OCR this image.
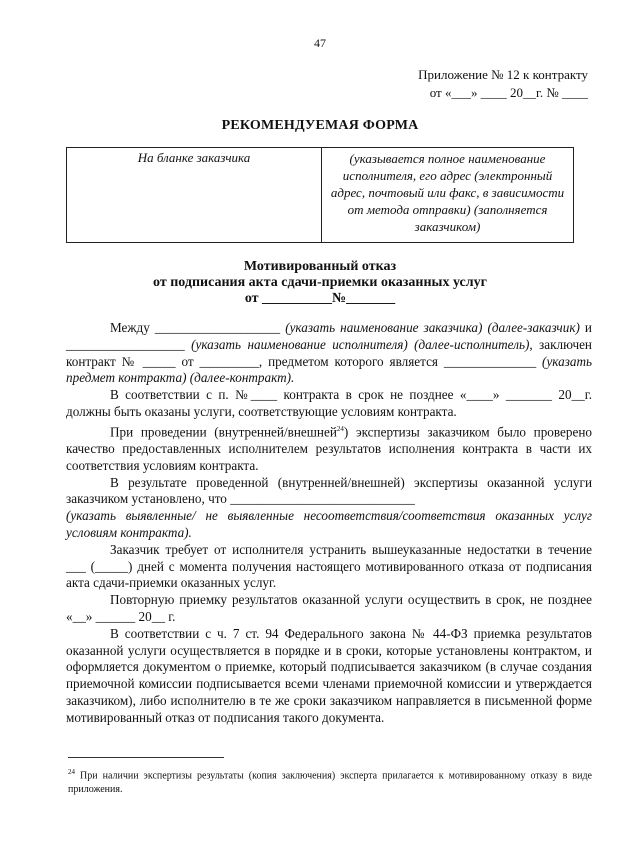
47
Приложение № 12 к контракту
от «___» ____ 20__г. № ____
РЕКОМЕНДУЕМАЯ ФОРМА
На бланке заказчика	(указывается полное наименование исполнителя, его адрес (электронный адрес, почтовый или факс, в зависимости от метода отправки) (заполняется заказчиком)
Мотивированный отказ
от подписания акта сдачи-приемки оказанных услуг
от __________№_______

Между ___________________ (указать наименование заказчика) (далее-заказчик) и __________________ (указать наименование исполнителя) (далее-исполнитель), заключен контракт № _____ от _________, предметом которого является ______________ (указать предмет контракта) (далее-контракт).

В соответствии с п. №____ контракта в срок не позднее «____» _______ 20__г. должны быть оказаны услуги, соответствующие условиям контракта.

При проведении (внутренней/внешней$^{24}$) экспертизы заказчиком было проверено качество предоставленных исполнителем результатов исполнения контракта в части их соответствия условиям контракта.

В результате проведенной (внутренней/внешней) экспертизы оказанной услуги заказчиком установлено, что ____________________________

(указать выявленные/ не выявленные несоответствия/соответствия оказанных услуг условиям контракта).

Заказчик требует от исполнителя устранить вышеуказанные недостатки в течение ___ (_____) дней с момента получения настоящего мотивированного отказа от подписания акта сдачи-приемки оказанных услуг.

Повторную приемку результатов оказанной услуги осуществить в срок, не позднее «__» ______ 20__ г.

В соответствии с ч. 7 ст. 94 Федерального закона № 44-ФЗ приемка результатов оказанной услуги осуществляется в порядке и в сроки, которые установлены контрактом, и оформляется документом о приемке, который подписывается заказчиком (в случае создания приемочной комиссии подписывается всеми членами приемочной комиссии и утверждается заказчиком), либо исполнителю в те же сроки заказчиком направляется в письменной форме мотивированный отказ от подписания такого документа.

$^{24}$ При наличии экспертизы результаты (копия заключения) эксперта прилагается к мотивированному отказу в виде приложения.
